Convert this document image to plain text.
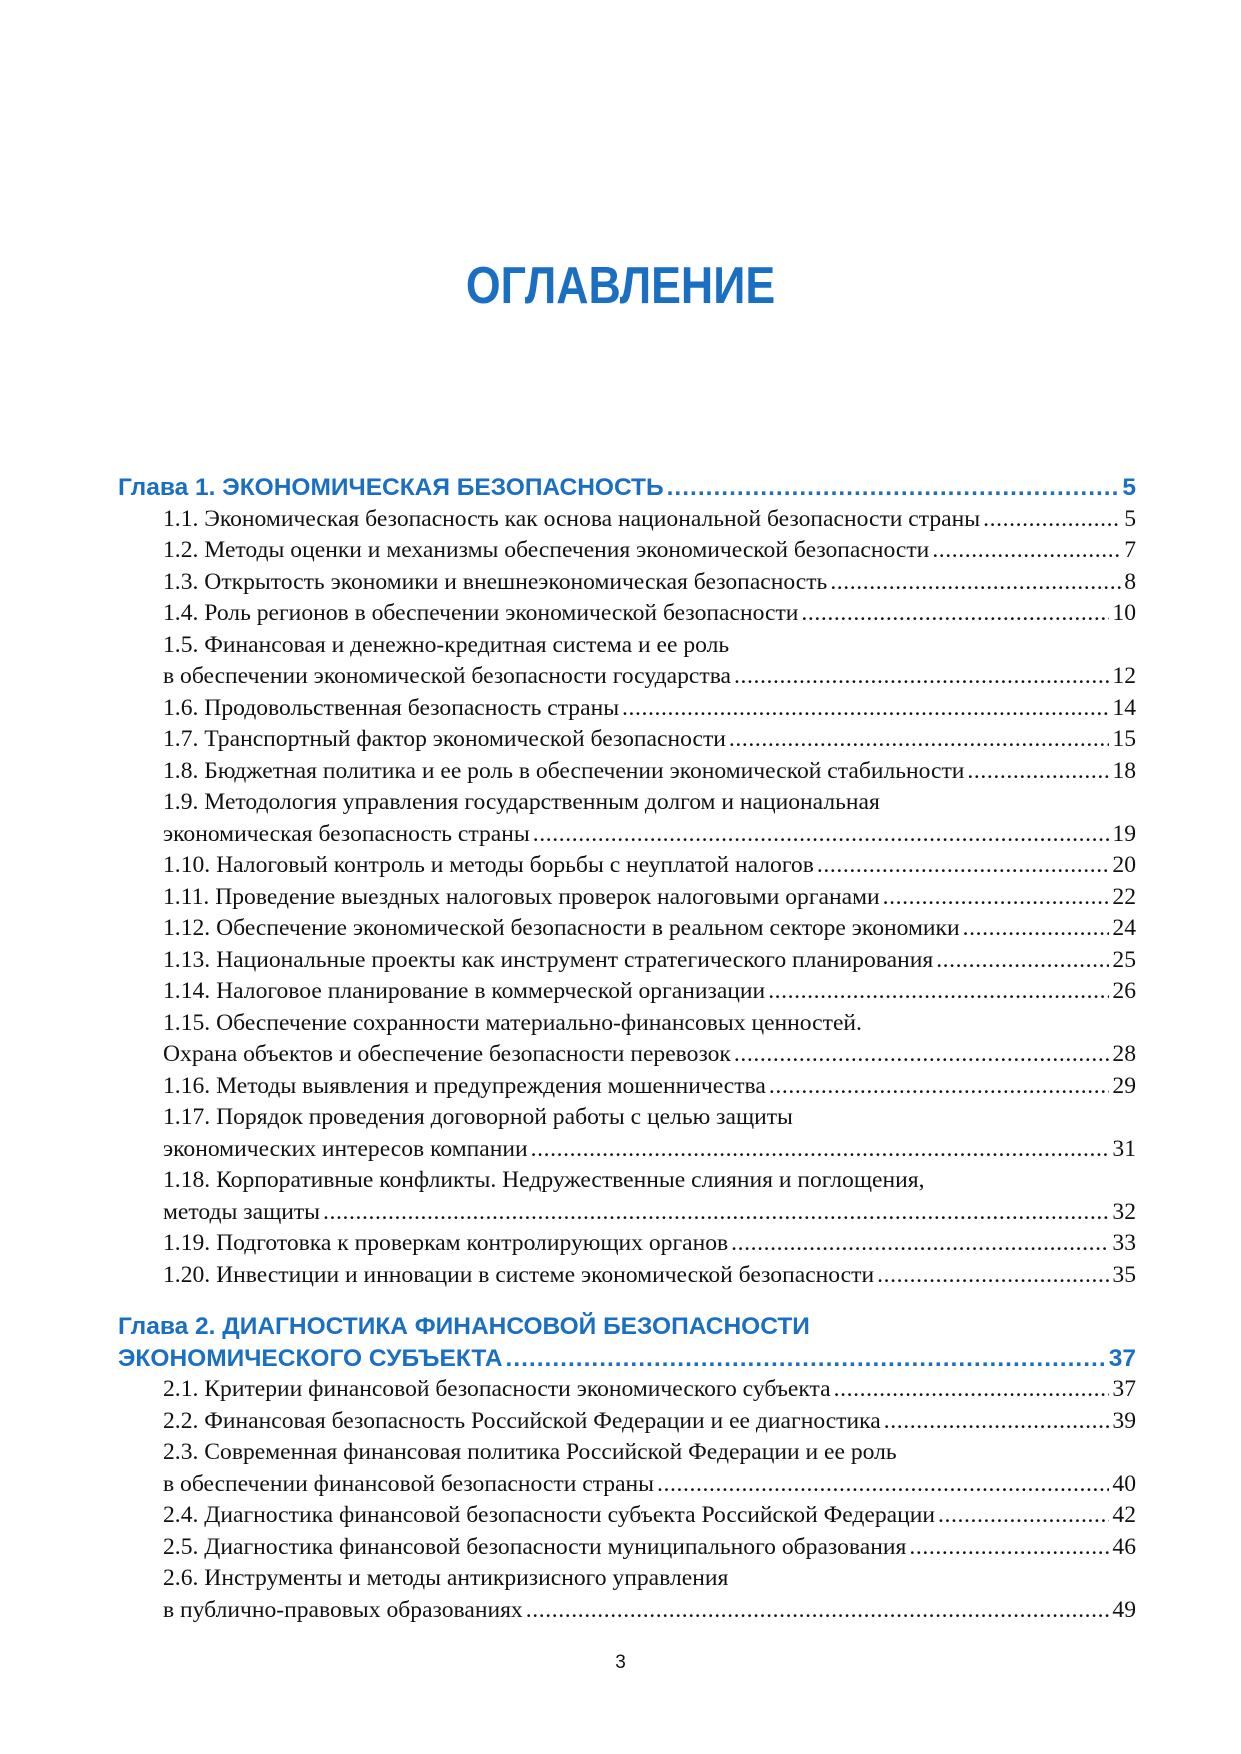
ОГЛАВЛЕНИЕ
Глава 1. ЭКОНОМИЧЕСКАЯ БЕЗОПАСНОСТЬ .....	5
1.1. Экономическая безопасность как основа национальной безопасности страны .....	5
1.2. Методы оценки и механизмы обеспечения экономической безопасности .....	7
1.3. Открытость экономики и внешнеэкономическая безопасность .....	8
1.4. Роль регионов в обеспечении экономической безопасности .....	10
1.5. Финансовая и денежно-кредитная система и ее роль
в обеспечении экономической безопасности государства .....	12
1.6. Продовольственная безопасность страны .....	14
1.7. Транспортный фактор экономической безопасности .....	15
1.8. Бюджетная политика и ее роль в обеспечении экономической стабильности .....	18
1.9. Методология управления государственным долгом и национальная
экономическая безопасность страны .....	19
1.10. Налоговый контроль и методы борьбы с неуплатой налогов .....	20
1.11. Проведение выездных налоговых проверок налоговыми органами .....	22
1.12. Обеспечение экономической безопасности в реальном секторе экономики .....	24
1.13. Национальные проекты как инструмент стратегического планирования .....	25
1.14. Налоговое планирование в коммерческой организации .....	26
1.15. Обеспечение сохранности материально-финансовых ценностей.
Охрана объектов и обеспечение безопасности перевозок .....	28
1.16. Методы выявления и предупреждения мошенничества .....	29
1.17. Порядок проведения договорной работы с целью защиты
экономических интересов компании .....	31
1.18. Корпоративные конфликты. Недружественные слияния и поглощения,
методы защиты .....	32
1.19. Подготовка к проверкам контролирующих органов .....	33
1.20. Инвестиции и инновации в системе экономической безопасности .....	35
Глава 2. ДИАГНОСТИКА ФИНАНСОВОЙ БЕЗОПАСНОСТИ
ЭКОНОМИЧЕСКОГО СУБЪЕКТА .....	37
2.1. Критерии финансовой безопасности экономического субъекта .....	37
2.2. Финансовая безопасность Российской Федерации и ее диагностика .....	39
2.3. Современная финансовая политика Российской Федерации и ее роль
в обеспечении финансовой безопасности страны .....	40
2.4. Диагностика финансовой безопасности субъекта Российской Федерации .....	42
2.5. Диагностика финансовой безопасности муниципального образования .....	46
2.6. Инструменты и методы антикризисного управления
в публично-правовых образованиях .....	49
3
